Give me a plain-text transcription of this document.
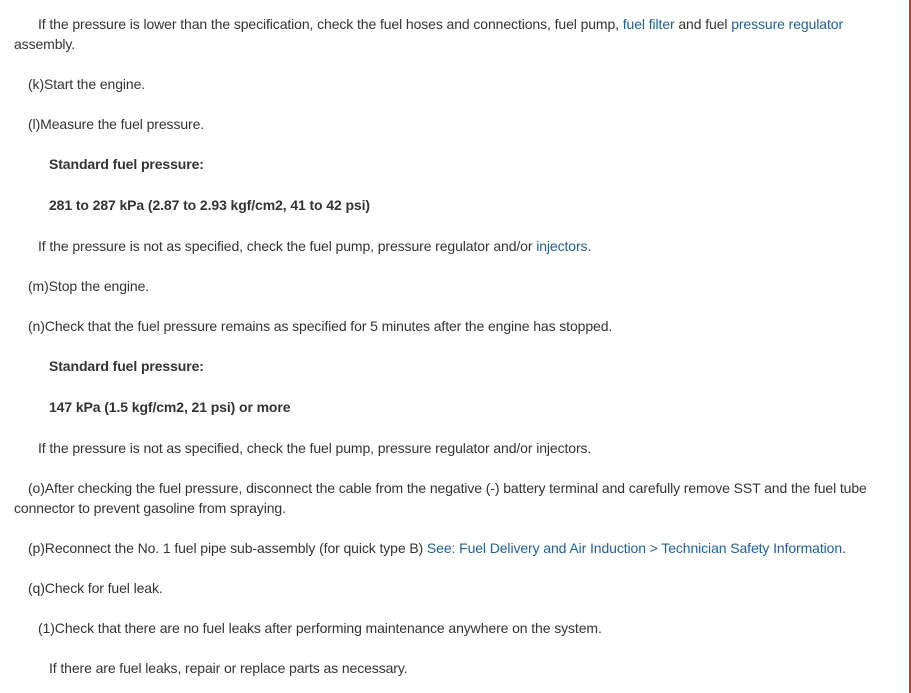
If the pressure is lower than the specification, check the fuel hoses and connections, fuel pump, fuel filter and fuel pressure regulator assembly.

(k)Start the engine.

(l)Measure the fuel pressure.

Standard fuel pressure:

281 to 287 kPa (2.87 to 2.93 kgf/cm2, 41 to 42 psi)

If the pressure is not as specified, check the fuel pump, pressure regulator and/or injectors.

(m)Stop the engine.

(n)Check that the fuel pressure remains as specified for 5 minutes after the engine has stopped.

Standard fuel pressure:

147 kPa (1.5 kgf/cm2, 21 psi) or more

If the pressure is not as specified, check the fuel pump, pressure regulator and/or injectors.

(o)After checking the fuel pressure, disconnect the cable from the negative (-) battery terminal and carefully remove SST and the fuel tube connector to prevent gasoline from spraying.

(p)Reconnect the No. 1 fuel pipe sub-assembly (for quick type B) See: Fuel Delivery and Air Induction > Technician Safety Information.

(q)Check for fuel leak.

(1)Check that there are no fuel leaks after performing maintenance anywhere on the system.

If there are fuel leaks, repair or replace parts as necessary.
